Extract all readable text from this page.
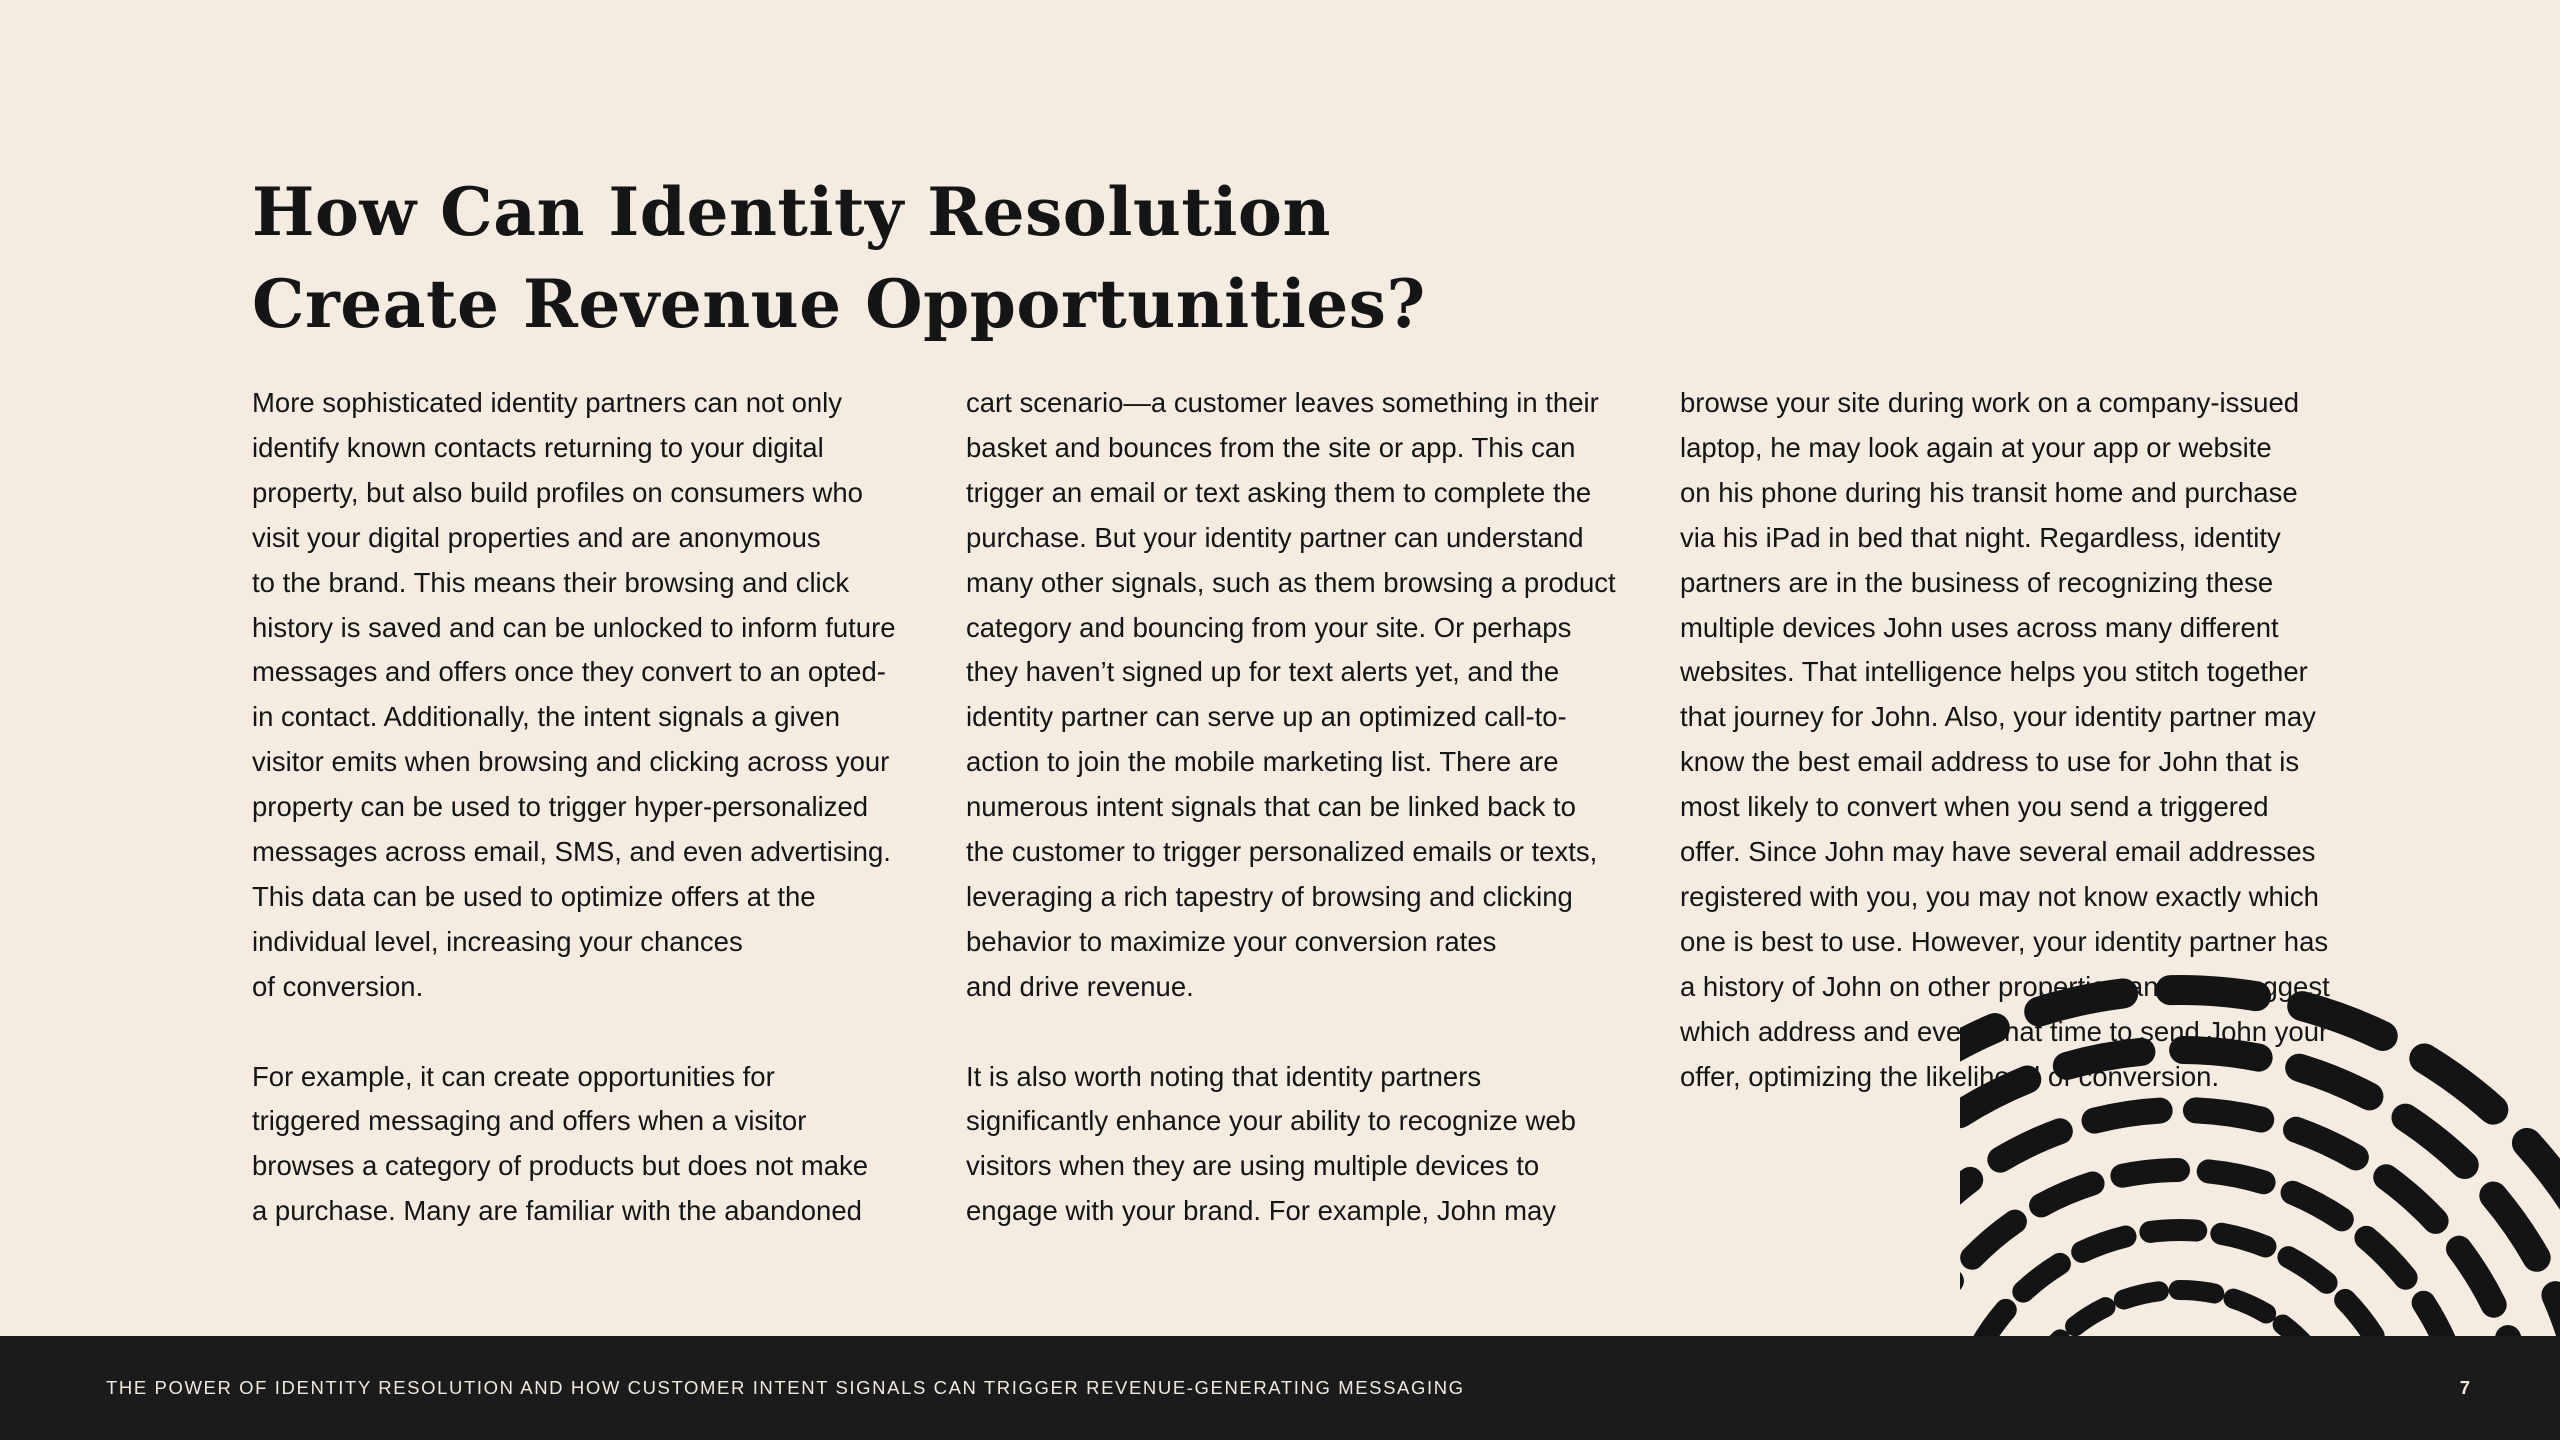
How Can Identity Resolution
Create Revenue Opportunities?
More sophisticated identity partners can not only
identify known contacts returning to your digital
property, but also build profiles on consumers who
visit your digital properties and are anonymous
to the brand. This means their browsing and click
history is saved and can be unlocked to inform future
messages and offers once they convert to an opted-
in contact. Additionally, the intent signals a given
visitor emits when browsing and clicking across your
property can be used to trigger hyper-personalized
messages across email, SMS, and even advertising.
This data can be used to optimize offers at the
individual level, increasing your chances
of conversion.
For example, it can create opportunities for
triggered messaging and offers when a visitor
browses a category of products but does not make
a purchase. Many are familiar with the abandoned
cart scenario—a customer leaves something in their
basket and bounces from the site or app. This can
trigger an email or text asking them to complete the
purchase. But your identity partner can understand
many other signals, such as them browsing a product
category and bouncing from your site. Or perhaps
they haven’t signed up for text alerts yet, and the
identity partner can serve up an optimized call-to-
action to join the mobile marketing list. There are
numerous intent signals that can be linked back to
the customer to trigger personalized emails or texts,
leveraging a rich tapestry of browsing and clicking
behavior to maximize your conversion rates
and drive revenue.
It is also worth noting that identity partners
significantly enhance your ability to recognize web
visitors when they are using multiple devices to
engage with your brand. For example, John may
browse your site during work on a company-issued
laptop, he may look again at your app or website
on his phone during his transit home and purchase
via his iPad in bed that night. Regardless, identity
partners are in the business of recognizing these
multiple devices John uses across many different
websites. That intelligence helps you stitch together
that journey for John. Also, your identity partner may
know the best email address to use for John that is
most likely to convert when you send a triggered
offer. Since John may have several email addresses
registered with you, you may not know exactly which
one is best to use. However, your identity partner has
a history of John on other properties and can suggest
which address and even what time to send John your
offer, optimizing the likelihood of conversion.
THE POWER OF IDENTITY RESOLUTION AND HOW CUSTOMER INTENT SIGNALS CAN TRIGGER REVENUE-GENERATING MESSAGING	7
